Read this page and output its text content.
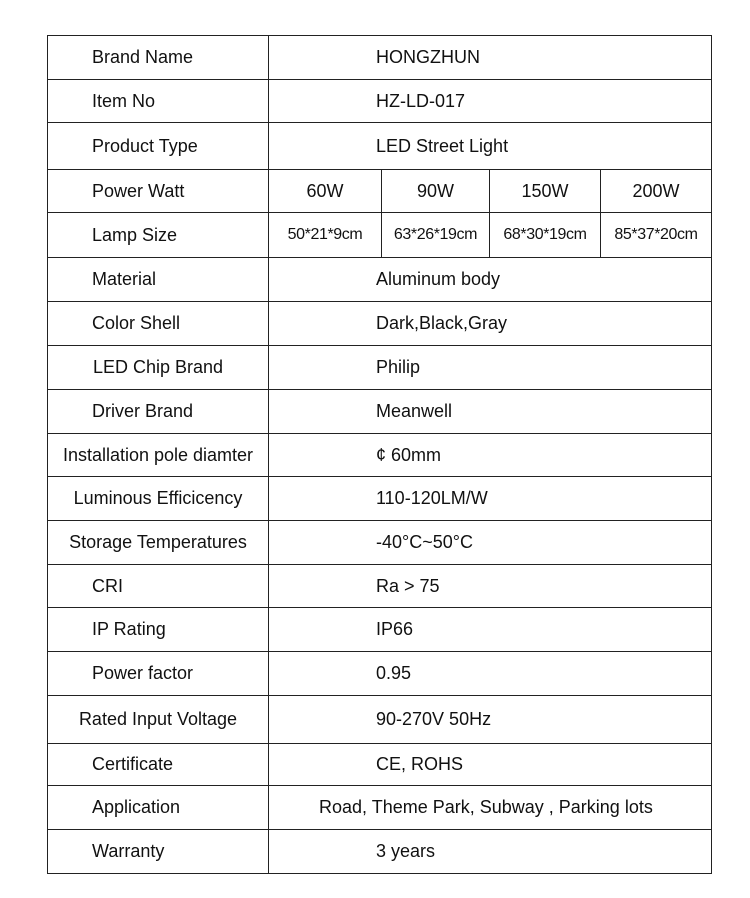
Brand Name	HONGZHUN			

Item No	HZ-LD-017			

Product Type	LED Street Light			

Power Watt	60W	90W	150W	200W

Lamp Size	50*21*9cm	63*26*19cm	68*30*19cm	85*37*20cm

Material	Aluminum body			

Color Shell	Dark,Black,Gray			

LED Chip Brand	Philip			

Driver Brand	Meanwell			

Installation pole diamter	¢ 60mm			

Luminous Efficicency	110-120LM/W			

Storage Temperatures	-40°C~50°C			

CRI	Ra > 75			

IP Rating	IP66			

Power factor	0.95			

Rated Input Voltage	90-270V 50Hz			

Certificate	CE, ROHS			

Application	Road, Theme Park, Subway , Parking lots			

Warranty	3 years			
